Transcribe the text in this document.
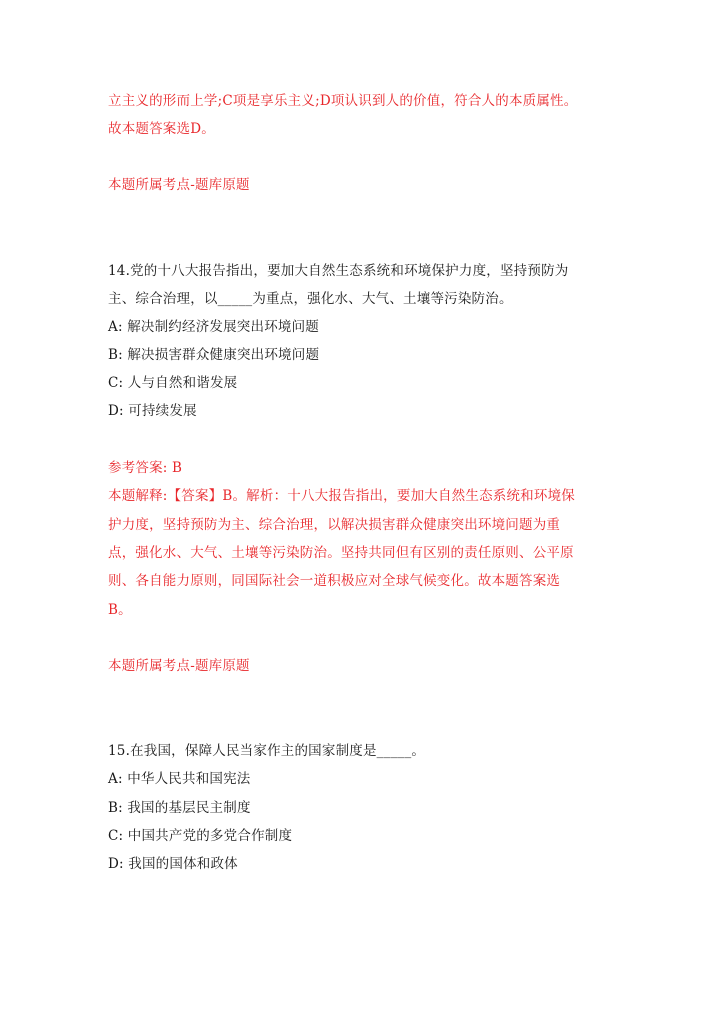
立主义的形而上学;C项是享乐主义;D项认识到人的价值，符合人的本质属性。
故本题答案选D。
本题所属考点-题库原题
14.党的十八大报告指出，要加大自然生态系统和环境保护力度，坚持预防为
主、综合治理，以_____为重点，强化水、大气、土壤等污染防治。
A: 解决制约经济发展突出环境问题
B: 解决损害群众健康突出环境问题
C: 人与自然和谐发展
D: 可持续发展
参考答案: B
本题解释:【答案】B。解析：十八大报告指出，要加大自然生态系统和环境保
护力度，坚持预防为主、综合治理，以解决损害群众健康突出环境问题为重
点，强化水、大气、土壤等污染防治。坚持共同但有区别的责任原则、公平原
则、各自能力原则，同国际社会一道积极应对全球气候变化。故本题答案选
B。
本题所属考点-题库原题
15.在我国，保障人民当家作主的国家制度是_____。
A: 中华人民共和国宪法
B: 我国的基层民主制度
C: 中国共产党的多党合作制度
D: 我国的国体和政体
